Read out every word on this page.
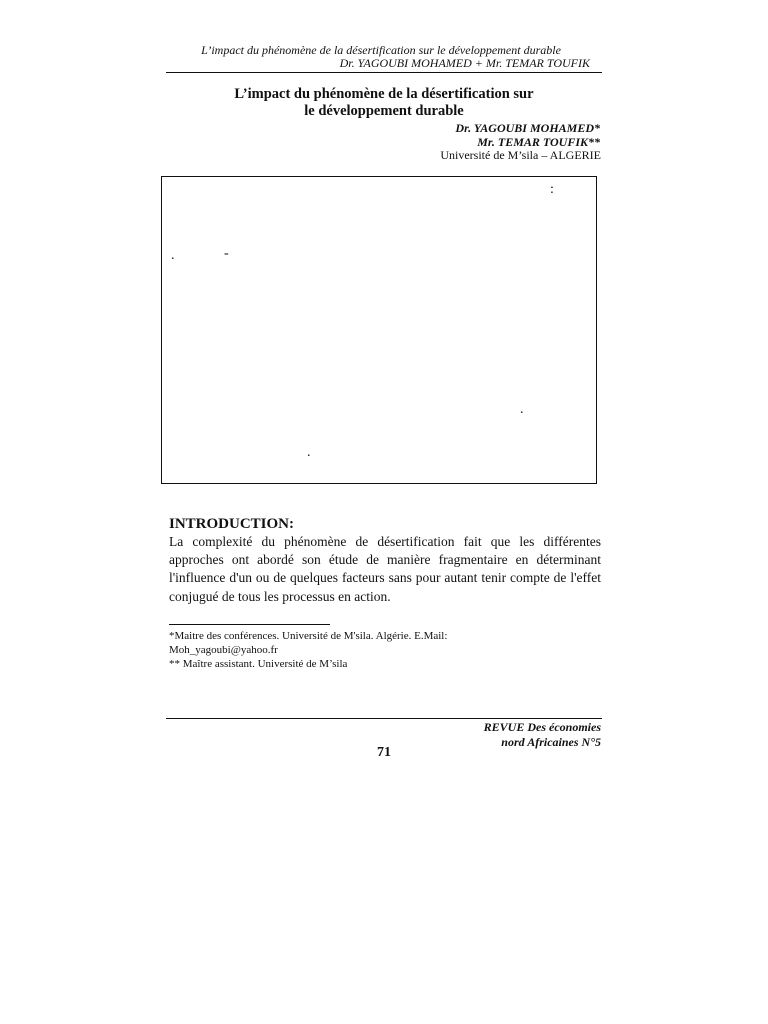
L’impact du phénomène de la désertification sur le développement durable
Dr. YAGOUBI MOHAMED + Mr. TEMAR TOUFIK
L’impact du phénomène de la désertification sur
le développement durable
Dr. YAGOUBI MOHAMED*
Mr. TEMAR TOUFIK**
Université de M’sila – ALGERIE
:
.	-
.
.
INTRODUCTION:
La complexité du phénomène de désertification fait que les différentes approches ont abordé son étude de manière fragmentaire en déterminant l'influence d'un ou de quelques facteurs sans pour autant tenir compte de l'effet conjugué de tous les processus en action.
*Maitre des conférences. Université de M'sila. Algérie. E.Mail:
Moh_yagoubi@yahoo.fr
** Maître assistant. Université de M’sila
REVUE Des économies
nord Africaines N°5
71
